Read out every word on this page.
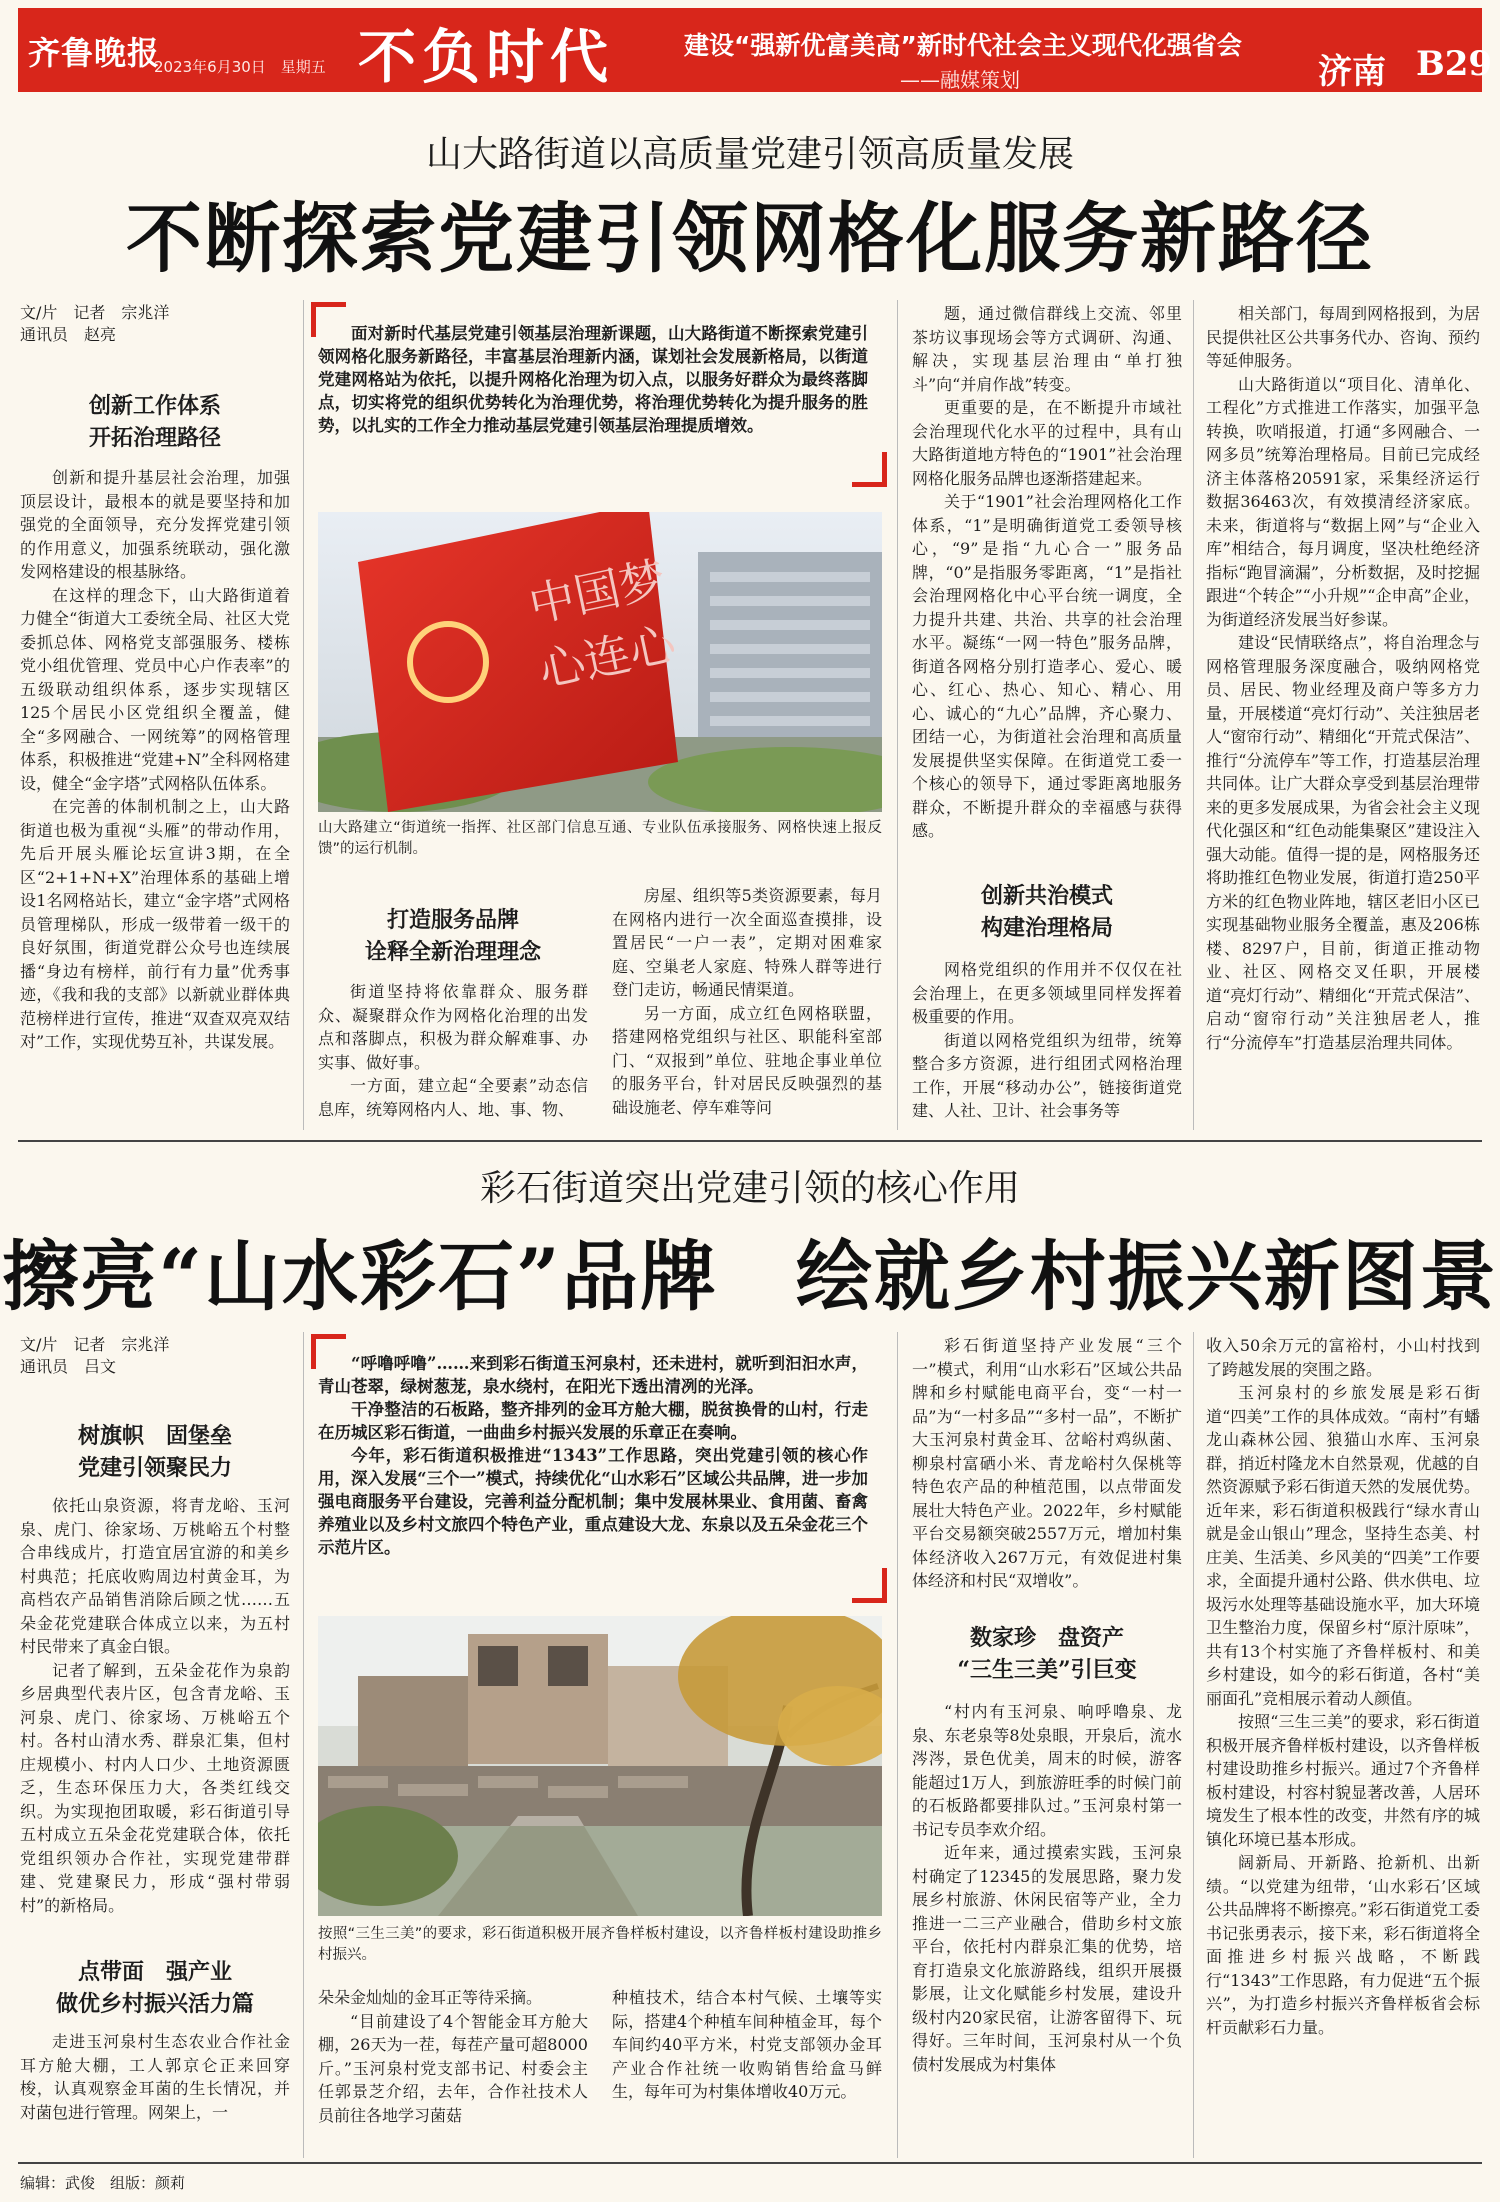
齐鲁晚报
2023年6月30日　星期五 不负时代	建设“强新优富美高”新时代社会主义现代化强省会
——融媒策划	济南 B29
山大路街道以高质量党建引领高质量发展
不断探索党建引领网格化服务新路径
文/片　记者　宗兆洋
通讯员　赵亮
创新工作体系
开拓治理路径

创新和提升基层社会治理，加强顶层设计，最根本的就是要坚持和加强党的全面领导，充分发挥党建引领的作用意义，加强系统联动，强化激发网格建设的根基脉络。

在这样的理念下，山大路街道着力健全“街道大工委统全局、社区大党委抓总体、网格党支部强服务、楼栋党小组优管理、党员中心户作表率”的五级联动组织体系，逐步实现辖区125个居民小区党组织全覆盖，健全“多网融合、一网统筹”的网格管理体系，积极推进“党建+N”全科网格建设，健全“金字塔”式网格队伍体系。

在完善的体制机制之上，山大路街道也极为重视“头雁”的带动作用，先后开展头雁论坛宣讲3期，在全区“2+1+N+X”治理体系的基础上增设1名网格站长，建立“金字塔”式网格员管理梯队，形成一级带着一级干的良好氛围，街道党群公众号也连续展播“身边有榜样，前行有力量”优秀事迹，《我和我的支部》以新就业群体典范榜样进行宣传，推进“双查双亮双结对”工作，实现优势互补，共谋发展。

面对新时代基层党建引领基层治理新课题，山大路街道不断探索党建引领网格化服务新路径，丰富基层治理新内涵，谋划社会发展新格局，以街道党建网格站为依托，以提升网格化治理为切入点，以服务好群众为最终落脚点，切实将党的组织优势转化为治理优势，将治理优势转化为提升服务的胜势，以扎实的工作全力推动基层党建引领基层治理提质增效。

中国梦
心连心
山大路建立“街道统一指挥、社区部门信息互通、专业队伍承接服务、网格快速上报反馈”的运行机制。
打造服务品牌
诠释全新治理理念

街道坚持将依靠群众、服务群众、凝聚群众作为网格化治理的出发点和落脚点，积极为群众解难事、办实事、做好事。

一方面，建立起“全要素”动态信息库，统筹网格内人、地、事、物、

房屋、组织等5类资源要素，每月在网格内进行一次全面巡查摸排，设置居民“一户一表”，定期对困难家庭、空巢老人家庭、特殊人群等进行登门走访，畅通民情渠道。

另一方面，成立红色网格联盟，搭建网格党组织与社区、职能科室部门、“双报到”单位、驻地企事业单位的服务平台，针对居民反映强烈的基础设施老、停车难等问

题，通过微信群线上交流、邻里茶坊议事现场会等方式调研、沟通、解决，实现基层治理由“单打独斗”向“并肩作战”转变。

更重要的是，在不断提升市域社会治理现代化水平的过程中，具有山大路街道地方特色的“1901”社会治理网格化服务品牌也逐渐搭建起来。

关于“1901”社会治理网格化工作体系，“1”是明确街道党工委领导核心，“9”是指“九心合一”服务品牌，“0”是指服务零距离，“1”是指社会治理网格化中心平台统一调度，全力提升共建、共治、共享的社会治理水平。凝练“一网一特色”服务品牌，街道各网格分别打造孝心、爱心、暖心、红心、热心、知心、精心、用心、诚心的“九心”品牌，齐心聚力、团结一心，为街道社会治理和高质量发展提供坚实保障。在街道党工委一个核心的领导下，通过零距离地服务群众，不断提升群众的幸福感与获得感。

创新共治模式
构建治理格局

网格党组织的作用并不仅仅在社会治理上，在更多领域里同样发挥着极重要的作用。

街道以网格党组织为纽带，统筹整合多方资源，进行组团式网格治理工作，开展“移动办公”，链接街道党建、人社、卫计、社会事务等

相关部门，每周到网格报到，为居民提供社区公共事务代办、咨询、预约等延伸服务。

山大路街道以“项目化、清单化、工程化”方式推进工作落实，加强平急转换，吹哨报道，打通“多网融合、一网多员”统筹治理格局。目前已完成经济主体落格20591家，采集经济运行数据36463次，有效摸清经济家底。未来，街道将与“数据上网”与“企业入库”相结合，每月调度，坚决杜绝经济指标“跑冒滴漏”，分析数据，及时挖掘跟进“个转企”“小升规”“企申高”企业，为街道经济发展当好参谋。

建设“民情联络点”，将自治理念与网格管理服务深度融合，吸纳网格党员、居民、物业经理及商户等多方力量，开展楼道“亮灯行动”、关注独居老人“窗帘行动”、精细化“开荒式保洁”、推行“分流停车”等工作，打造基层治理共同体。让广大群众享受到基层治理带来的更多发展成果，为省会社会主义现代化强区和“红色动能集聚区”建设注入强大动能。值得一提的是，网格服务还将助推红色物业发展，街道打造250平方米的红色物业阵地，辖区老旧小区已实现基础物业服务全覆盖，惠及206栋楼、8297户，目前，街道正推动物业、社区、网格交叉任职，开展楼道“亮灯行动”、精细化“开荒式保洁”、启动“窗帘行动”关注独居老人，推行“分流停车”打造基层治理共同体。

彩石街道突出党建引领的核心作用
擦亮“山水彩石”品牌　绘就乡村振兴新图景
文/片　记者　宗兆洋
通讯员　吕文
树旗帜　固堡垒
党建引领聚民力

依托山泉资源，将青龙峪、玉河泉、虎门、徐家场、万桃峪五个村整合串线成片，打造宜居宜游的和美乡村典范；托底收购周边村黄金耳，为高档农产品销售消除后顾之忧……五朵金花党建联合体成立以来，为五村村民带来了真金白银。

记者了解到，五朵金花作为泉韵乡居典型代表片区，包含青龙峪、玉河泉、虎门、徐家场、万桃峪五个村。各村山清水秀、群泉汇集，但村庄规模小、村内人口少、土地资源匮乏，生态环保压力大，各类红线交织。为实现抱团取暖，彩石街道引导五村成立五朵金花党建联合体，依托党组织领办合作社，实现党建带群建、党建聚民力，形成“强村带弱村”的新格局。

点带面　强产业
做优乡村振兴活力篇

走进玉河泉村生态农业合作社金耳方舱大棚，工人郭京仑正来回穿梭，认真观察金耳菌的生长情况，并对菌包进行管理。网架上，一

“呼噜呼噜”……来到彩石街道玉河泉村，还未进村，就听到汩汩水声，青山苍翠，绿树葱茏，泉水绕村，在阳光下透出清冽的光泽。

干净整洁的石板路，整齐排列的金耳方舱大棚，脱贫换骨的山村，行走在历城区彩石街道，一曲曲乡村振兴发展的乐章正在奏响。

今年，彩石街道积极推进“1343”工作思路，突出党建引领的核心作用，深入发展“三个一”模式，持续优化“山水彩石”区域公共品牌，进一步加强电商服务平台建设，完善利益分配机制；集中发展林果业、食用菌、畜禽养殖业以及乡村文旅四个特色产业，重点建设大龙、东泉以及五朵金花三个示范片区。

按照“三生三美”的要求，彩石街道积极开展齐鲁样板村建设，以齐鲁样板村建设助推乡村振兴。

朵朵金灿灿的金耳正等待采摘。

“目前建设了4个智能金耳方舱大棚，26天为一茬，每茬产量可超8000斤。”玉河泉村党支部书记、村委会主任郭景芝介绍，去年，合作社技术人员前往各地学习菌菇

种植技术，结合本村气候、土壤等实际，搭建4个种植车间种植金耳，每个车间约40平方米，村党支部领办金耳产业合作社统一收购销售给盒马鲜生，每年可为村集体增收40万元。

彩石街道坚持产业发展“三个一”模式，利用“山水彩石”区域公共品牌和乡村赋能电商平台，变“一村一品”为“一村多品”“多村一品”，不断扩大玉河泉村黄金耳、岔峪村鸡纵菌、柳泉村富硒小米、青龙峪村久保桃等特色农产品的种植范围，以点带面发展壮大特色产业。2022年，乡村赋能平台交易额突破2557万元，增加村集体经济收入267万元，有效促进村集体经济和村民“双增收”。

数家珍　盘资产
“三生三美”引巨变

“村内有玉河泉、响呼噜泉、龙泉、东老泉等8处泉眼，开泉后，流水涔涔，景色优美，周末的时候，游客能超过1万人，到旅游旺季的时候门前的石板路都要排队过。”玉河泉村第一书记专员李欢介绍。

近年来，通过摸索实践，玉河泉村确定了12345的发展思路，聚力发展乡村旅游、休闲民宿等产业，全力推进一二三产业融合，借助乡村文旅平台，依托村内群泉汇集的优势，培育打造泉文化旅游路线，组织开展摄影展，让文化赋能乡村发展，建设升级村内20家民宿，让游客留得下、玩得好。三年时间，玉河泉村从一个负债村发展成为村集体

收入50余万元的富裕村，小山村找到了跨越发展的突围之路。

玉河泉村的乡旅发展是彩石街道“四美”工作的具体成效。“南村”有蟠龙山森林公园、狼猫山水库、玉河泉群，捎近村隆龙木自然景观，优越的自然资源赋予彩石街道天然的发展优势。近年来，彩石街道积极践行“绿水青山就是金山银山”理念，坚持生态美、村庄美、生活美、乡风美的“四美”工作要求，全面提升通村公路、供水供电、垃圾污水处理等基础设施水平，加大环境卫生整治力度，保留乡村“原汁原味”，共有13个村实施了齐鲁样板村、和美乡村建设，如今的彩石街道，各村“美丽面孔”竞相展示着动人颜值。

按照“三生三美”的要求，彩石街道积极开展齐鲁样板村建设，以齐鲁样板村建设助推乡村振兴。通过7个齐鲁样板村建设，村容村貌显著改善，人居环境发生了根本性的改变，井然有序的城镇化环境已基本形成。

阔新局、开新路、抢新机、出新绩。“以党建为纽带，‘山水彩石’区域公共品牌将不断擦亮。”彩石街道党工委书记张勇表示，接下来，彩石街道将全面推进乡村振兴战略，不断践行“1343”工作思路，有力促进“五个振兴”，为打造乡村振兴齐鲁样板省会标杆贡献彩石力量。

编辑：武俊　组版：颜莉
